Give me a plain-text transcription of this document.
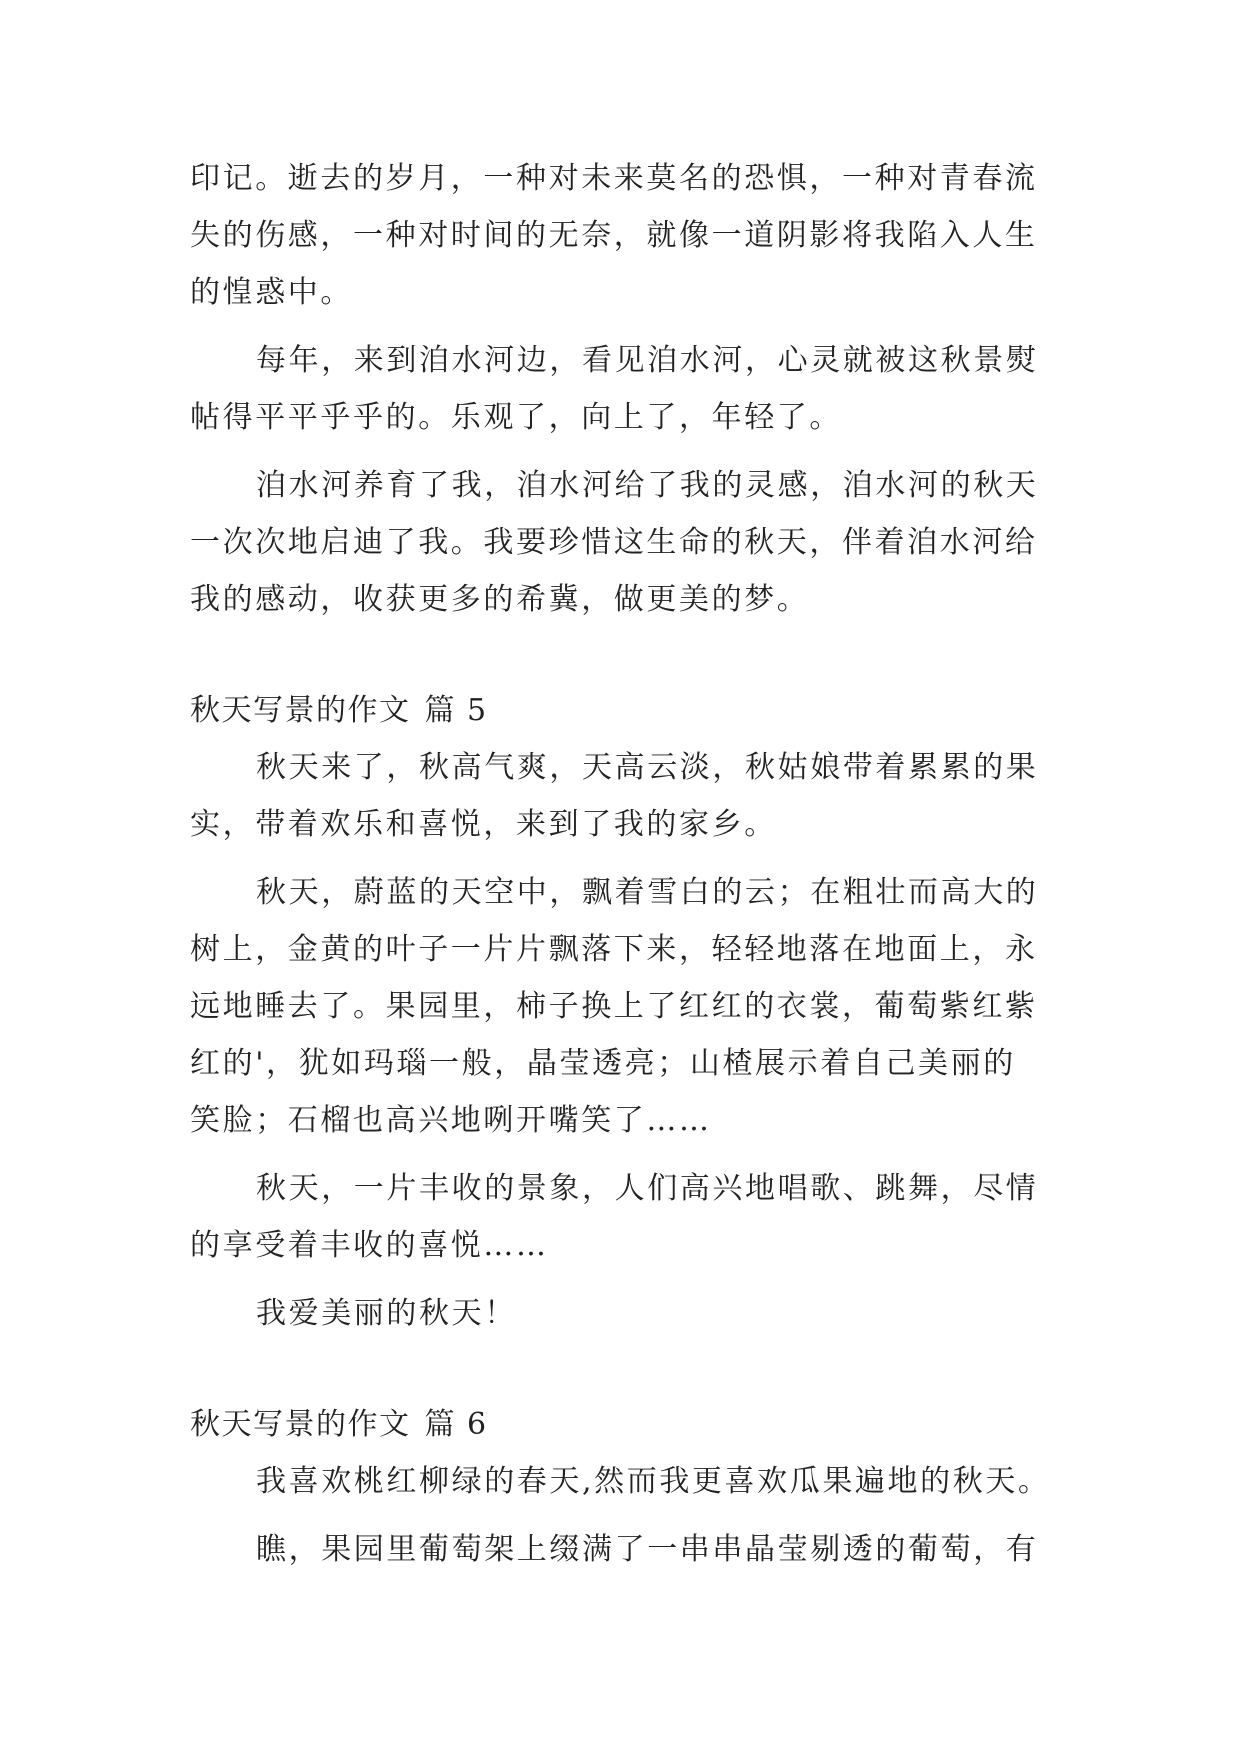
印记。逝去的岁月，一种对未来莫名的恐惧，一种对青春流
失的伤感，一种对时间的无奈，就像一道阴影将我陷入人生
的惶惑中。
每年，来到洎水河边，看见洎水河，心灵就被这秋景熨
帖得平平乎乎的。乐观了，向上了，年轻了。
洎水河养育了我，洎水河给了我的灵感，洎水河的秋天
一次次地启迪了我。我要珍惜这生命的秋天，伴着洎水河给
我的感动，收获更多的希冀，做更美的梦。
秋天写景的作文 篇 5
秋天来了，秋高气爽，天高云淡，秋姑娘带着累累的果
实，带着欢乐和喜悦，来到了我的家乡。
秋天，蔚蓝的天空中，飘着雪白的云；在粗壮而高大的
树上，金黄的叶子一片片飘落下来，轻轻地落在地面上，永
远地睡去了。果园里，柿子换上了红红的衣裳，葡萄紫红紫
红的'，犹如玛瑙一般，晶莹透亮；山楂展示着自己美丽的
笑脸；石榴也高兴地咧开嘴笑了……
秋天，一片丰收的景象，人们高兴地唱歌、跳舞，尽情
的享受着丰收的喜悦……
我爱美丽的秋天！
秋天写景的作文 篇 6
我喜欢桃红柳绿的春天,然而我更喜欢瓜果遍地的秋天。
瞧，果园里葡萄架上缀满了一串串晶莹剔透的葡萄，有
